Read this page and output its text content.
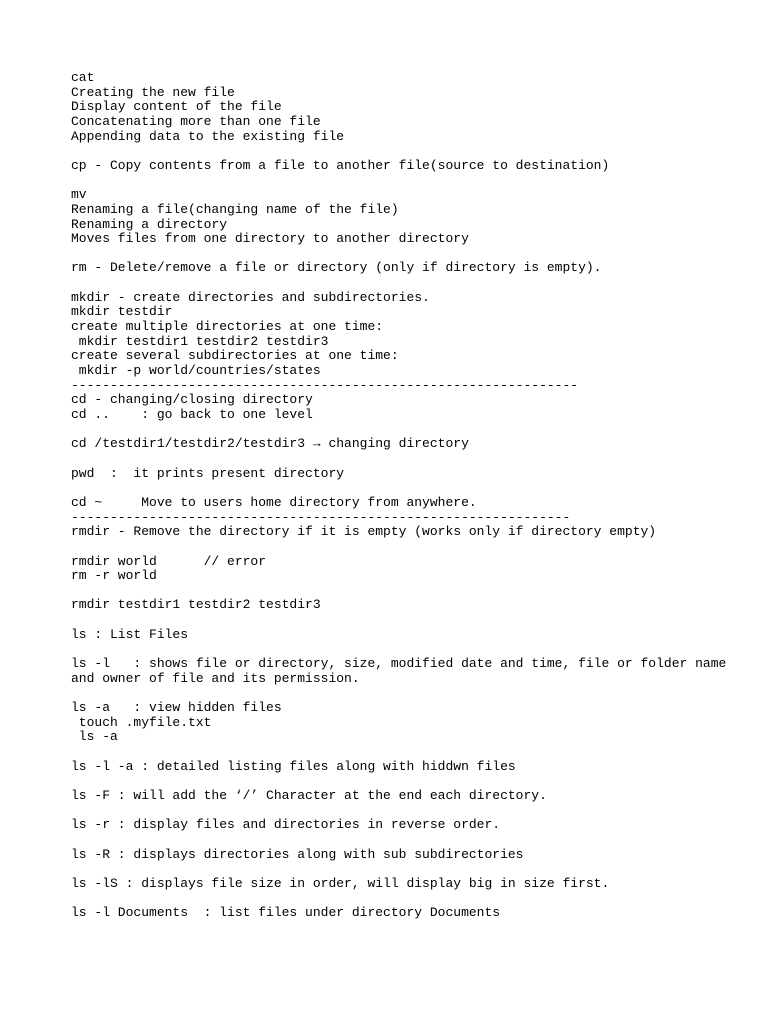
cat
Creating the new file
Display content of the file
Concatenating more than one file
Appending data to the existing file
cp - Copy contents from a file to another file(source to destination)
mv
Renaming a file(changing name of the file)
Renaming a directory
Moves files from one directory to another directory
rm - Delete/remove a file or directory (only if directory is empty).
mkdir - create directories and subdirectories.
mkdir testdir
create multiple directories at one time:
mkdir testdir1 testdir2 testdir3
create several subdirectories at one time:
mkdir -p world/countries/states
-----------------------------------------------------------------
cd - changing/closing directory
cd ..    : go back to one level
cd /testdir1/testdir2/testdir3 → changing directory
pwd  :  it prints present directory
cd ~     Move to users home directory from anywhere.
----------------------------------------------------------------
rmdir - Remove the directory if it is empty (works only if directory empty)
rmdir world      // error
rm -r world
rmdir testdir1 testdir2 testdir3
ls : List Files
ls -l   : shows file or directory, size, modified date and time, file or folder name and owner of file and its permission.
ls -a   : view hidden files
touch .myfile.txt
ls -a
ls -l -a : detailed listing files along with hiddwn files
ls -F : will add the ‘/’ Character at the end each directory.
ls -r : display files and directories in reverse order.
ls -R : displays directories along with sub subdirectories
ls -lS : displays file size in order, will display big in size first.
ls -l Documents  : list files under directory Documents
